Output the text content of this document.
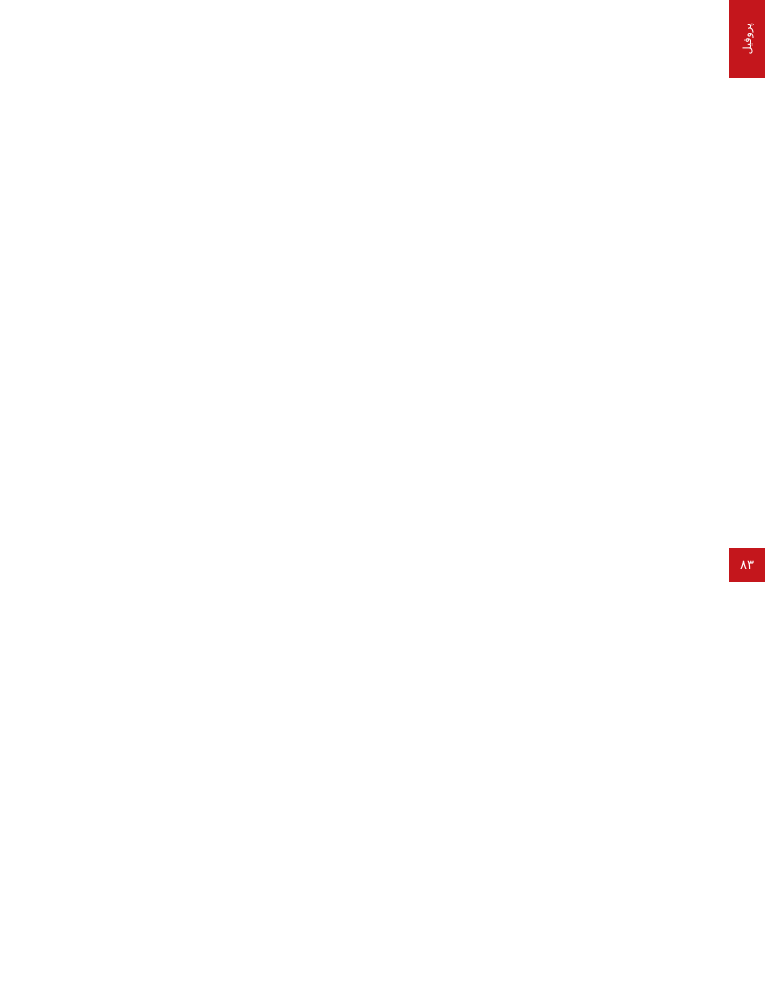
پروفیل
۸۳
